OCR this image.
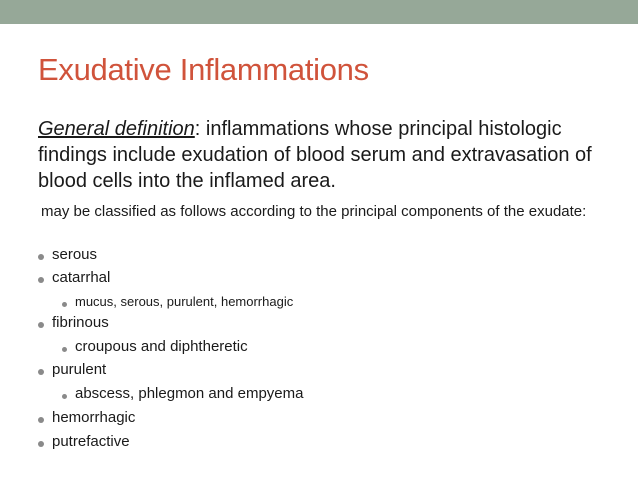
Exudative Inflammations
General definition: inflammations whose principal histologic findings include exudation of blood serum and extravasation of blood cells into the inflamed area.
may be classified as follows according to the principal components of the exudate:
serous
catarrhal
mucus, serous, purulent, hemorrhagic
fibrinous
croupous and diphtheretic
purulent
abscess, phlegmon and empyema
hemorrhagic
putrefactive
